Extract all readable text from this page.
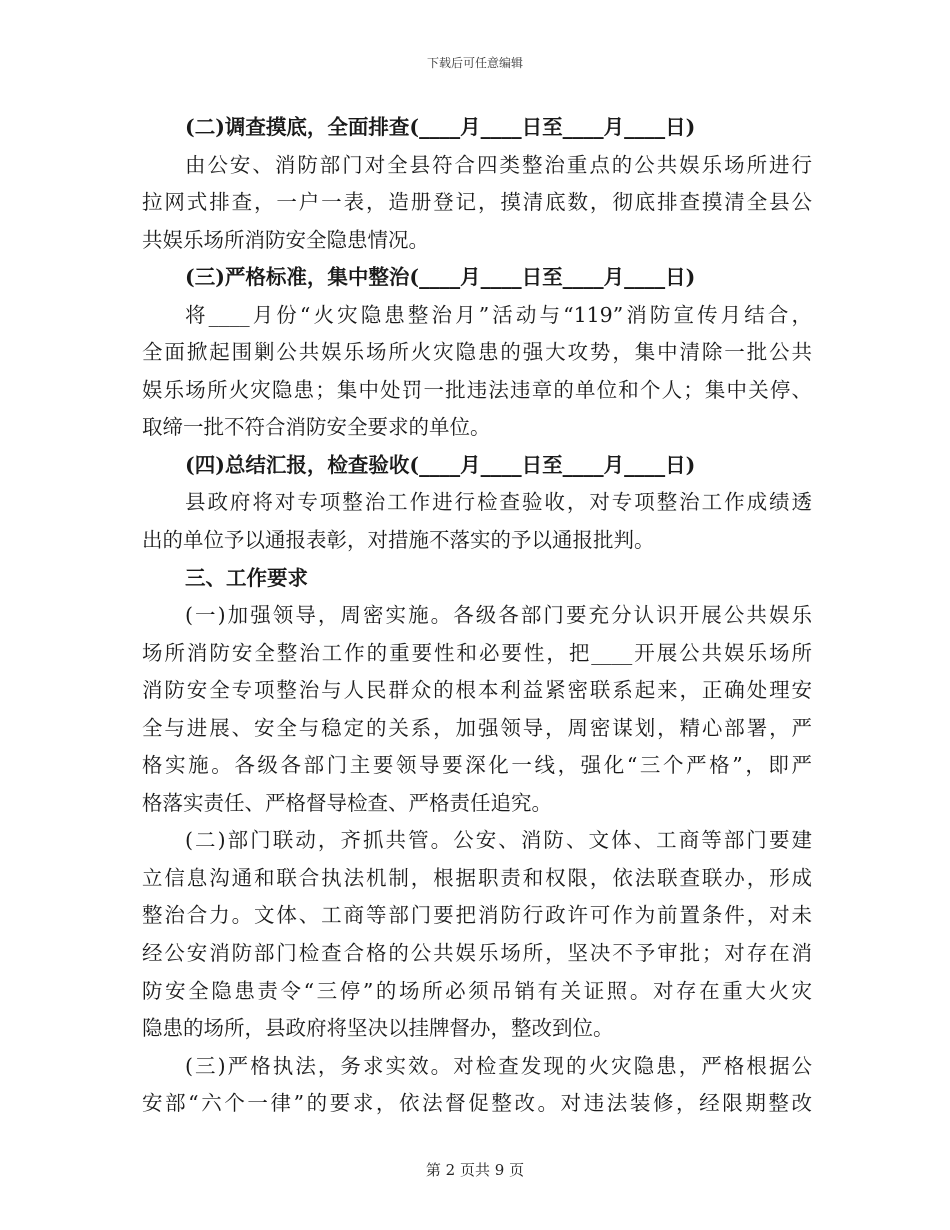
下载后可任意编辑
(二)调查摸底，全面排查(____月____日至____月____日)
由公安、消防部门对全县符合四类整治重点的公共娱乐场所进行
拉网式排查，一户一表，造册登记，摸清底数，彻底排查摸清全县公
共娱乐场所消防安全隐患情况。
(三)严格标准，集中整治(____月____日至____月____日)
将____月份“火灾隐患整治月”活动与“119”消防宣传月结合，
全面掀起围剿公共娱乐场所火灾隐患的强大攻势，集中清除一批公共
娱乐场所火灾隐患；集中处罚一批违法违章的单位和个人；集中关停、
取缔一批不符合消防安全要求的单位。
(四)总结汇报，检查验收(____月____日至____月____日)
县政府将对专项整治工作进行检查验收，对专项整治工作成绩透
出的单位予以通报表彰，对措施不落实的予以通报批判。
三、工作要求
(一)加强领导，周密实施。各级各部门要充分认识开展公共娱乐
场所消防安全整治工作的重要性和必要性，把____开展公共娱乐场所
消防安全专项整治与人民群众的根本利益紧密联系起来，正确处理安
全与进展、安全与稳定的关系，加强领导，周密谋划，精心部署，严
格实施。各级各部门主要领导要深化一线，强化“三个严格”，即严
格落实责任、严格督导检查、严格责任追究。
(二)部门联动，齐抓共管。公安、消防、文体、工商等部门要建
立信息沟通和联合执法机制，根据职责和权限，依法联查联办，形成
整治合力。文体、工商等部门要把消防行政许可作为前置条件，对未
经公安消防部门检查合格的公共娱乐场所，坚决不予审批；对存在消
防安全隐患责令“三停”的场所必须吊销有关证照。对存在重大火灾
隐患的场所，县政府将坚决以挂牌督办，整改到位。
(三)严格执法，务求实效。对检查发现的火灾隐患，严格根据公
安部“六个一律”的要求，依法督促整改。对违法装修，经限期整改
第 2 页共 9 页
